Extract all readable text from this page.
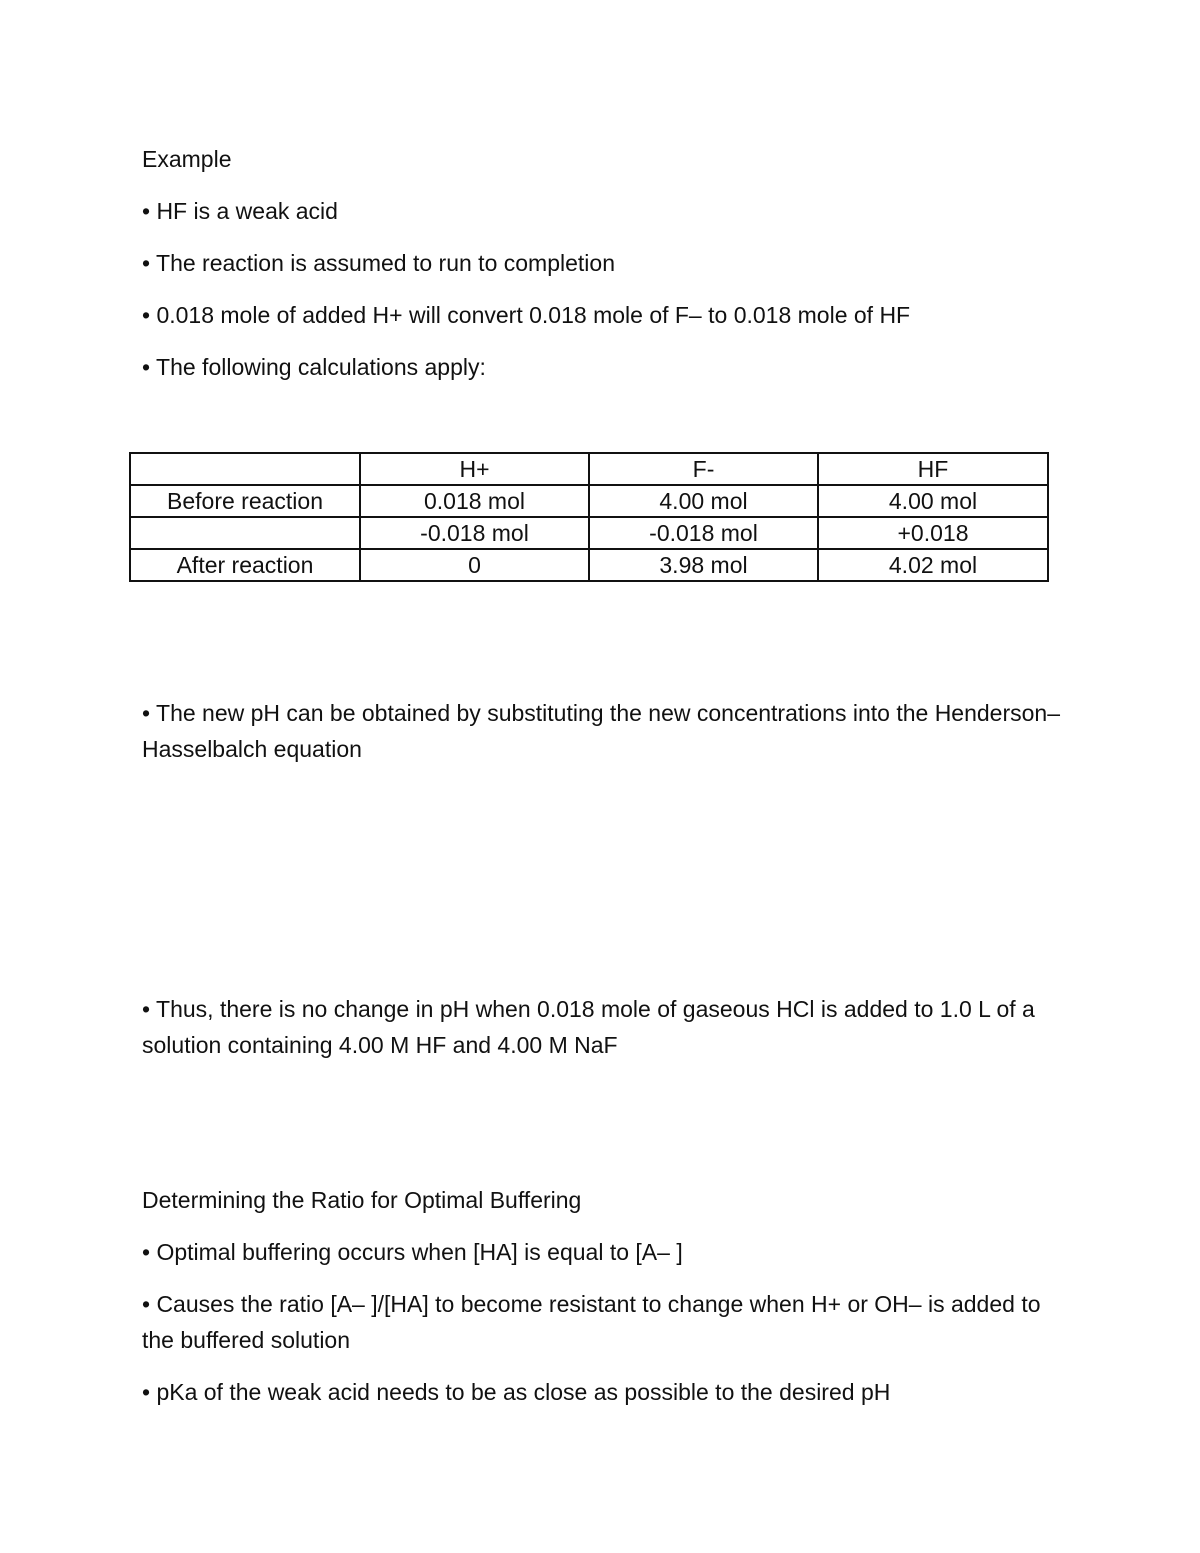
Example
• HF is a weak acid
• The reaction is assumed to run to completion
• 0.018 mole of added H+ will convert 0.018 mole of F– to 0.018 mole of HF
• The following calculations apply:
	H+	F-	HF
Before reaction	0.018 mol	4.00 mol	4.00 mol
	-0.018 mol	-0.018 mol	+0.018
After reaction	0	3.98 mol	4.02 mol
• The new pH can be obtained by substituting the new concentrations into the Henderson–Hasselbalch equation
• Thus, there is no change in pH when 0.018 mole of gaseous HCl is added to 1.0 L of a solution containing 4.00 M HF and 4.00 M NaF
Determining the Ratio for Optimal Buffering
• Optimal buffering occurs when [HA] is equal to [A– ]
• Causes the ratio [A– ]/[HA] to become resistant to change when H+ or OH– is added to the buffered solution
• pKa of the weak acid needs to be as close as possible to the desired pH
